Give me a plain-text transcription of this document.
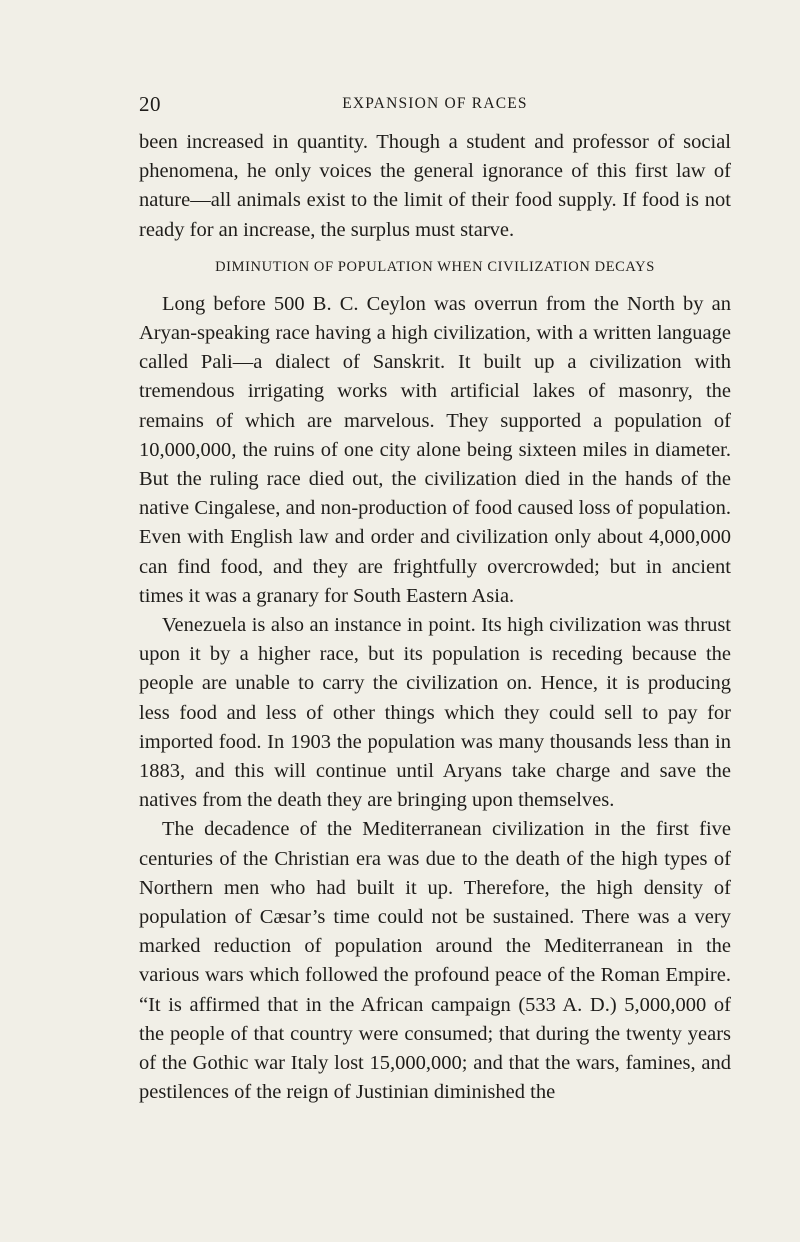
20	EXPANSION OF RACES

been increased in quantity. Though a student and professor of social phenomena, he only voices the general ignorance of this first law of nature—all animals exist to the limit of their food supply. If food is not ready for an increase, the surplus must starve.

DIMINUTION OF POPULATION WHEN CIVILIZATION DECAYS

Long before 500 B. C. Ceylon was overrun from the North by an Aryan-speaking race having a high civilization, with a written language called Pali—a dialect of Sanskrit. It built up a civilization with tremendous irrigating works with artificial lakes of masonry, the remains of which are marvelous. They supported a population of 10,000,000, the ruins of one city alone being sixteen miles in diameter. But the ruling race died out, the civilization died in the hands of the native Cingalese, and non-production of food caused loss of population. Even with English law and order and civilization only about 4,000,000 can find food, and they are frightfully overcrowded; but in ancient times it was a granary for South Eastern Asia.

Venezuela is also an instance in point. Its high civilization was thrust upon it by a higher race, but its population is receding because the people are unable to carry the civilization on. Hence, it is producing less food and less of other things which they could sell to pay for imported food. In 1903 the population was many thousands less than in 1883, and this will continue until Aryans take charge and save the natives from the death they are bringing upon themselves.

The decadence of the Mediterranean civilization in the first five centuries of the Christian era was due to the death of the high types of Northern men who had built it up. Therefore, the high density of population of Cæsar’s time could not be sustained. There was a very marked reduction of population around the Mediterranean in the various wars which followed the profound peace of the Roman Empire. “It is affirmed that in the African campaign (533 A. D.) 5,000,000 of the people of that country were consumed; that during the twenty years of the Gothic war Italy lost 15,000,000; and that the wars, famines, and pestilences of the reign of Justinian diminished the
